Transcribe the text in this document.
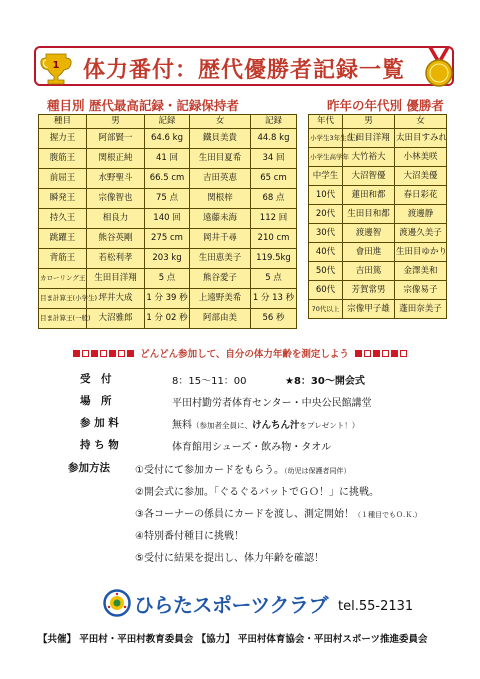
体力番付：歴代優勝者記録一覧
1
種目別 歴代最高記録・記録保持者
種目	男	記録	女	記録
握力王	阿部賢一	64.6 kg	鐵貝美貴	44.8 kg
腹筋王	関根正純	41 回	生田目夏希	34 回
前屈王	水野聖斗	66.5 cm	吉田英恵	65 cm
瞬発王	宗像智也	75 点	関根梓	68 点
持久王	相良力	140 回	遠藤未海	112 回
跳躍王	熊谷英剛	275 cm	岡井千尋	210 cm
背筋王	若松利孝	203 kg	生田恵美子	119.5kg
カローリング王	生田目洋翔	5 点	熊谷愛子	5 点
目ま計算王(小学生)	坪井大成	1 分 39 秒	上遠野美希	1 分 13 秒
目ま計算王(一般)	大沼雅郎	1 分 02 秒	阿部由美	56 秒
昨年の年代別 優勝者
年代	男	女
小学生3年生以下	生田目洋翔	太田目すみれ
小学生高学年	大竹裕大	小林美咲
中学生	大沼智優	大沼美優
10代	蓮田和都	春日彩花
20代	生田目和都	渡邊静
30代	渡邊智	渡邊久美子
40代	會田進	生田目ゆかり
50代	吉田篤	金澤美和
60代	芳賀常男	宗像易子
70代以上	宗像甲子雄	蓬田奈美子
どんどん参加して、自分の体力年齢を測定しよう
受　付	8：15～11：00	★8：30～開会式
場　所	平田村勤労者体育センター・中央公民館講堂
参 加 料	無料（参加者全員に、けんちん汁をプレゼント！）
持 ち 物	体育館用シューズ・飲み物・タオル
参加方法	①受付にて参加カードをもらう。（幼児は保護者同伴）
②開会式に参加。「ぐるぐるバットでＧＯ！」に挑戦。
③各コーナーの係員にカードを渡し、測定開始！（１種目でもＯ.Ｋ.）
④特別番付種目に挑戦！
⑤受付に結果を提出し、体力年齢を確認！
ひらたスポーツクラブ tel.55-2131
【共催】 平田村・平田村教育委員会 【協力】 平田村体育協会・平田村スポーツ推進委員会
